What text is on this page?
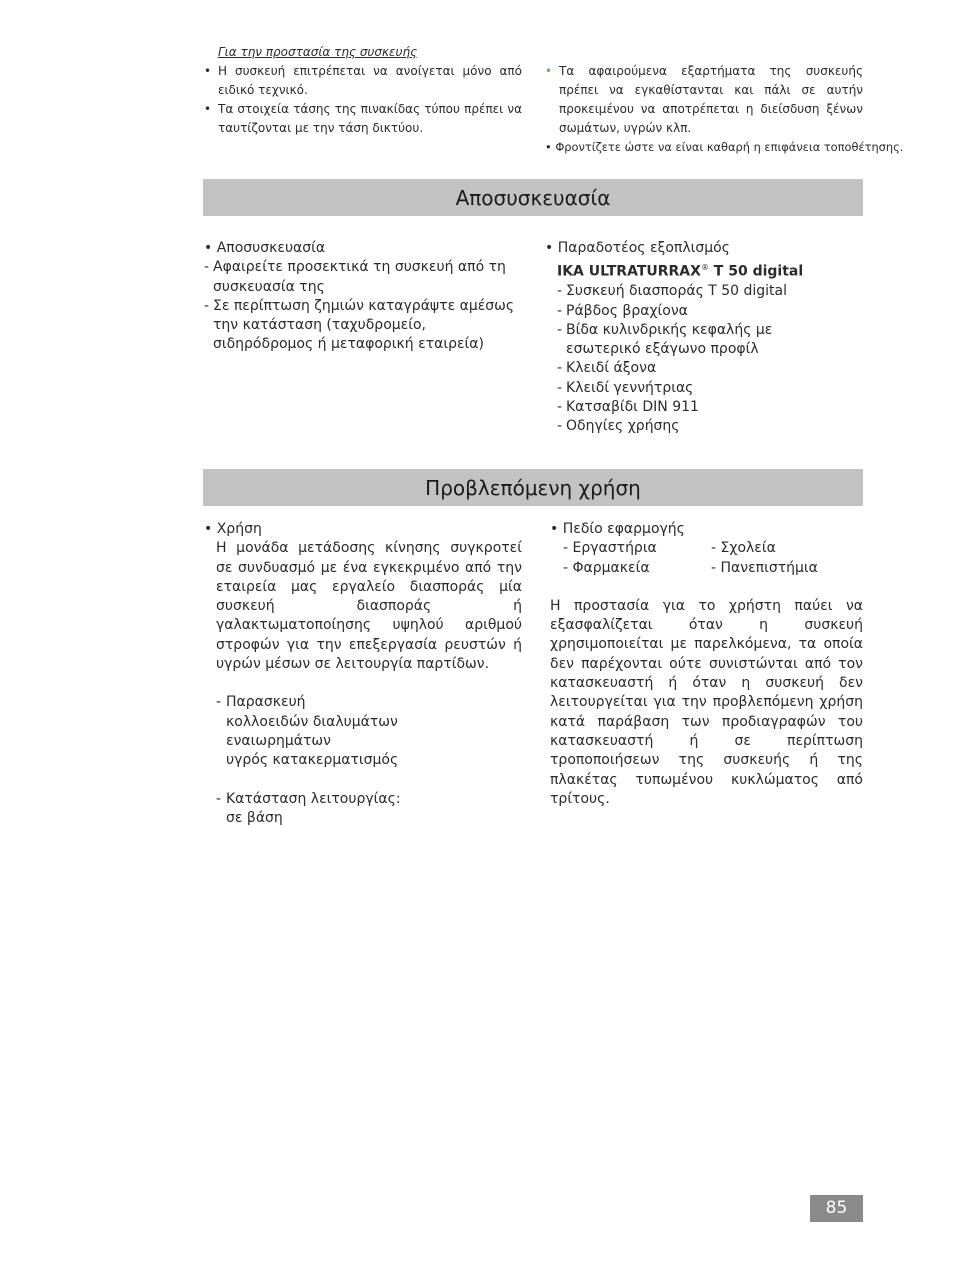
Για την προστασία της συσκευής
• Η συσκευή επιτρέπεται να ανοίγεται μόνο από ειδικό τεχνικό.
• Τα στοιχεία τάσης της πινακίδας τύπου πρέπει να ταυτίζονται με την τάση δικτύου.
• Τα αφαιρούμενα εξαρτήματα της συσκευής πρέπει να εγκαθίστανται και πάλι σε αυτήν προκειμένου να αποτρέπεται η διείσδυση ξένων σωμάτων, υγρών κλπ.
• Φροντίζετε ώστε να είναι καθαρή η επιφάνεια τοποθέτησης.
Αποσυσκευασία
• Αποσυσκευασία
- Αφαιρείτε προσεκτικά τη συσκευή από τη συσκευασία της
- Σε περίπτωση ζημιών καταγράψτε αμέσως την κατάσταση (ταχυδρομείο, σιδηρόδρομος ή μεταφορική εταιρεία)
• Παραδοτέος εξοπλισμός
IKA ULTRATURRAX® T 50 digital
- Συσκευή διασποράς T 50 digital
- Ράβδος βραχίονα
- Βίδα κυλινδρικής κεφαλής με εσωτερικό εξάγωνο προφίλ
- Κλειδί άξονα
- Κλειδί γεννήτριας
- Κατσαβίδι DIN 911
- Οδηγίες χρήσης
Προβλεπόμενη χρήση
• Χρήση
Η μονάδα μετάδοσης κίνησης συγκροτεί σε συνδυασμό με ένα εγκεκριμένο από την εταιρεία μας εργαλείο διασποράς μία συσκευή διασποράς ή γαλακτωματοποίησης υψηλού αριθμού στροφών για την επεξεργασία ρευστών ή υγρών μέσων σε λειτουργία παρτίδων.
- Παρασκευή
κολλοειδών διαλυμάτων
εναιωρημάτων
υγρός κατακερματισμός
- Κατάσταση λειτουργίας:
σε βάση
• Πεδίο εφαρμογής
- Εργαστήρια	- Σχολεία
- Φαρμακεία	- Πανεπιστήμια
Η προστασία για το χρήστη παύει να εξασφαλίζεται όταν η συσκευή χρησιμοποιείται με παρελκόμενα, τα οποία δεν παρέχονται ούτε συνιστώνται από τον κατασκευαστή ή όταν η συσκευή δεν λειτουργείται για την προβλεπόμενη χρήση κατά παράβαση των προδιαγραφών του κατασκευαστή ή σε περίπτωση τροποποιήσεων της συσκευής ή της πλακέτας τυπωμένου κυκλώματος από τρίτους.
85
